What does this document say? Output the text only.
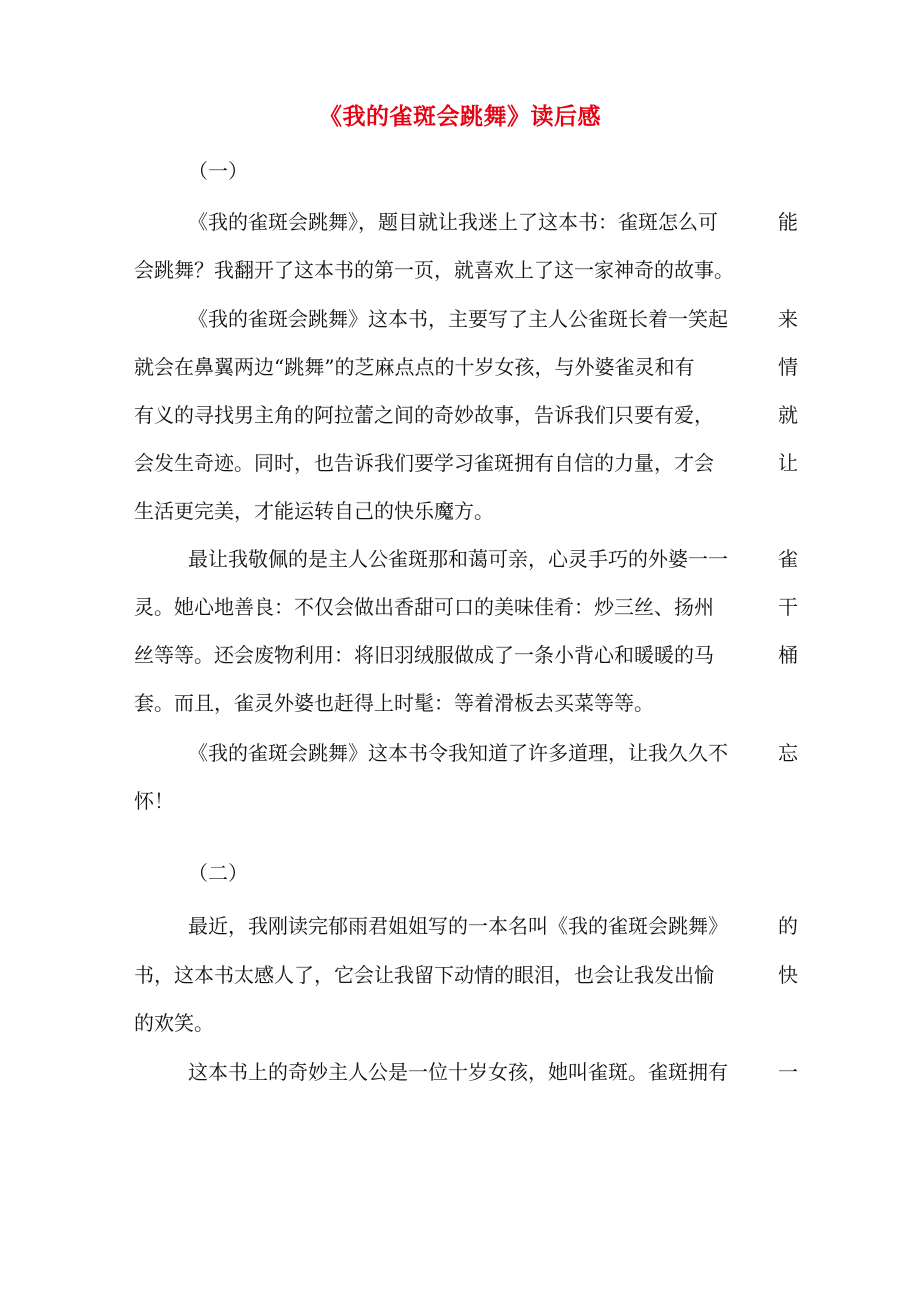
《我的雀斑会跳舞》读后感
（一）
《我的雀斑会跳舞》，题目就让我迷上了这本书：雀斑怎么可	能
会跳舞？我翻开了这本书的第一页，就喜欢上了这一家神奇的故事。
《我的雀斑会跳舞》这本书，主要写了主人公雀斑长着一笑起	来
就会在鼻翼两边“跳舞”的芝麻点点的十岁女孩，与外婆雀灵和有	情
有义的寻找男主角的阿拉蕾之间的奇妙故事，告诉我们只要有爱，	就
会发生奇迹。同时，也告诉我们要学习雀斑拥有自信的力量，才会	让
生活更完美，才能运转自己的快乐魔方。
最让我敬佩的是主人公雀斑那和蔼可亲，心灵手巧的外婆一一	雀
灵。她心地善良：不仅会做出香甜可口的美味佳肴：炒三丝、扬州	干
丝等等。还会废物利用：将旧羽绒服做成了一条小背心和暖暖的马	桶
套。而且，雀灵外婆也赶得上时髦：等着滑板去买菜等等。
《我的雀斑会跳舞》这本书令我知道了许多道理，让我久久不	忘
怀！
（二）
最近，我刚读完郁雨君姐姐写的一本名叫《我的雀斑会跳舞》	的
书，这本书太感人了，它会让我留下动情的眼泪，也会让我发出愉	快
的欢笑。
这本书上的奇妙主人公是一位十岁女孩，她叫雀斑。雀斑拥有	一
